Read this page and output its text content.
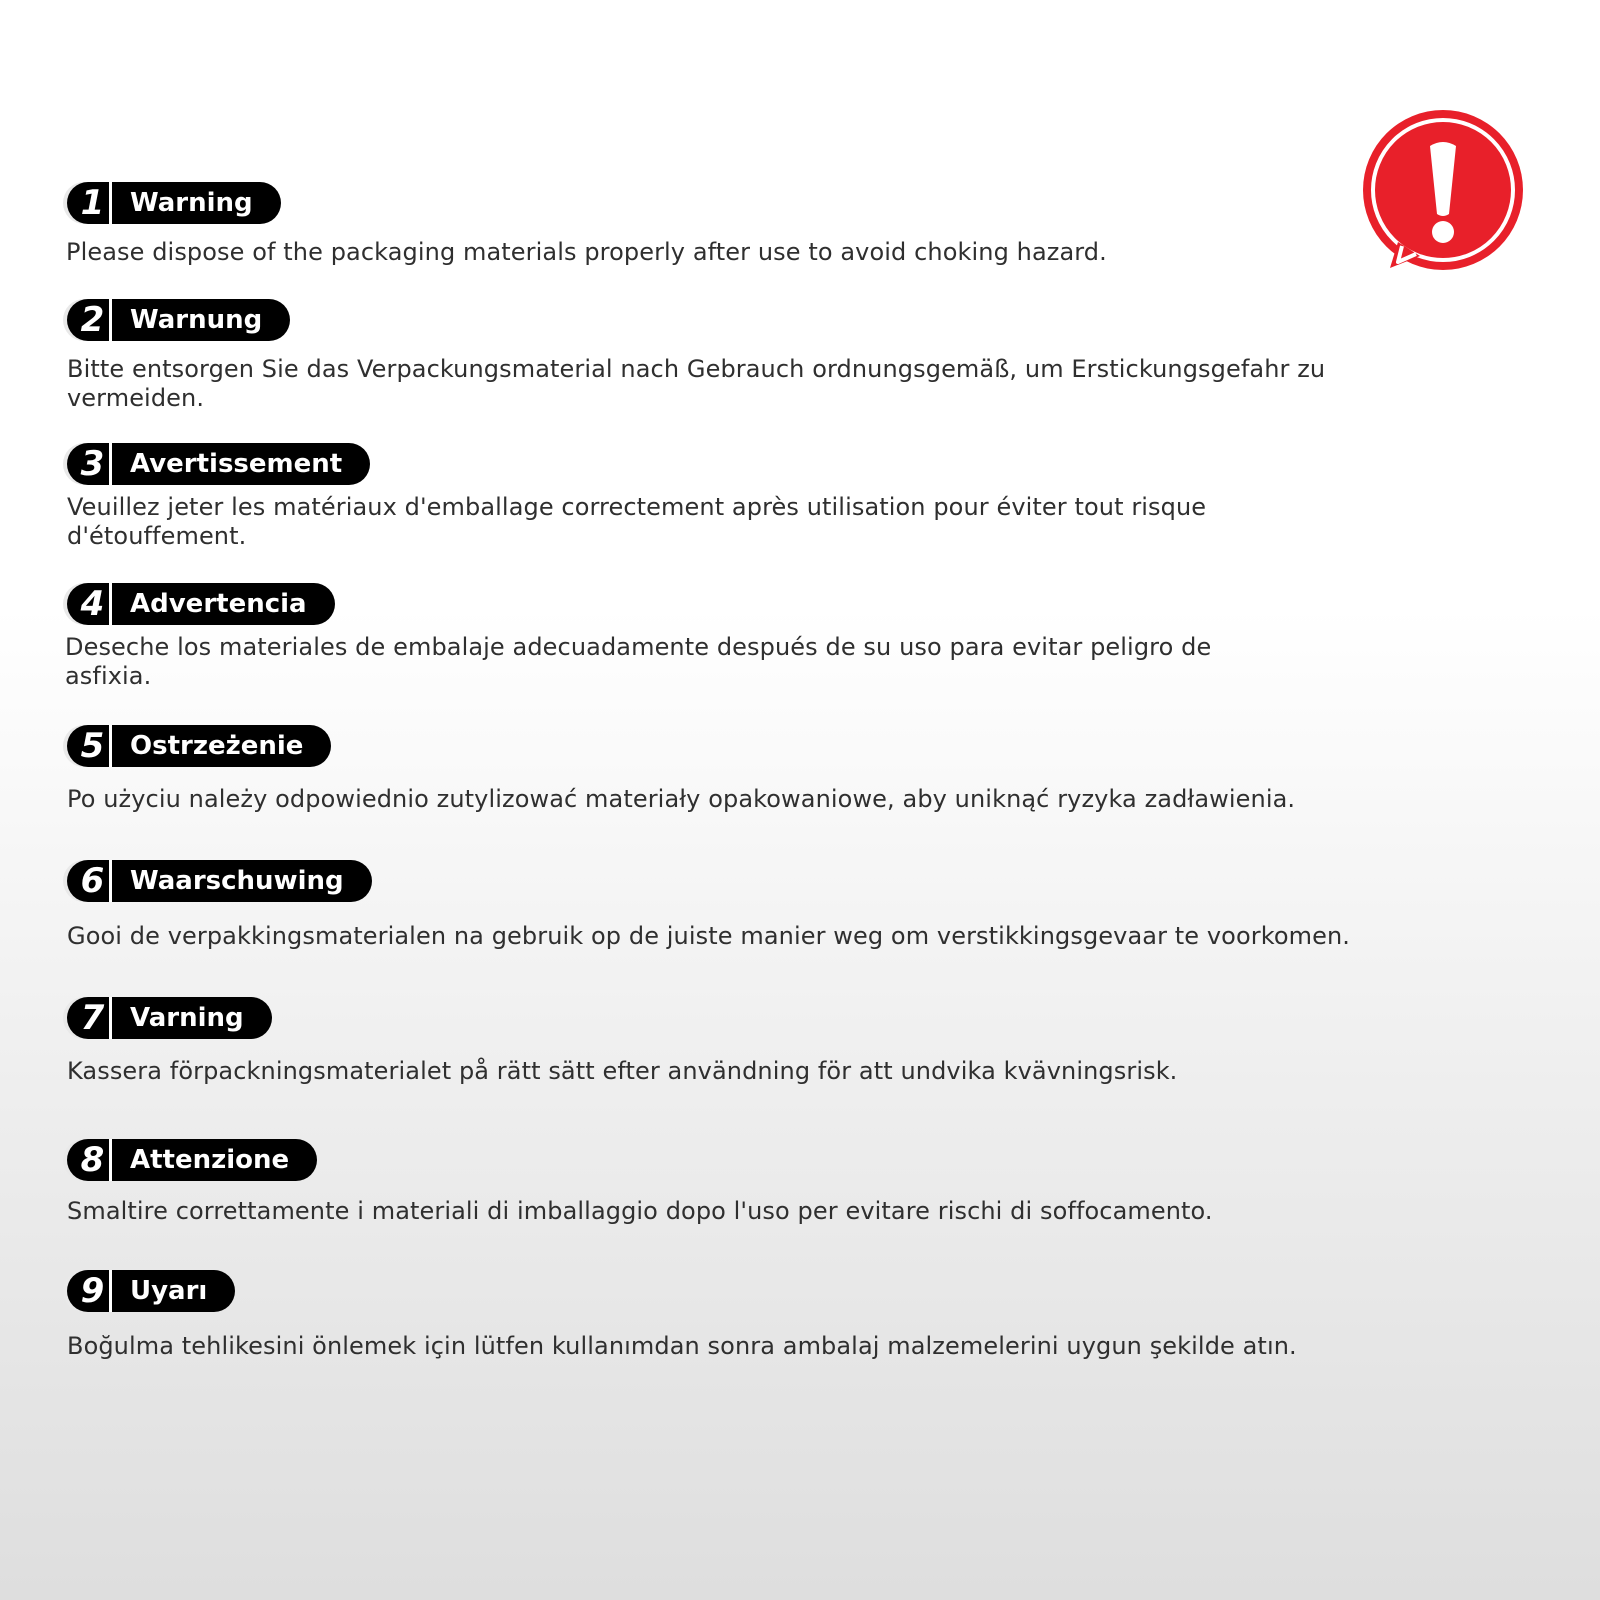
1 Warning

Please dispose of the packaging materials properly after use to avoid choking hazard.

2 Warnung

Bitte entsorgen Sie das Verpackungsmaterial nach Gebrauch ordnungsgemäß, um Erstickungsgefahr zu vermeiden.

3 Avertissement

Veuillez jeter les matériaux d'emballage correctement après utilisation pour éviter tout risque d'étouffement.

4 Advertencia

Deseche los materiales de embalaje adecuadamente después de su uso para evitar peligro de asfixia.

5 Ostrzeżenie

Po użyciu należy odpowiednio zutylizować materiały opakowaniowe, aby uniknąć ryzyka zadławienia.

6 Waarschuwing

Gooi de verpakkingsmaterialen na gebruik op de juiste manier weg om verstikkingsgevaar te voorkomen.

7 Varning

Kassera förpackningsmaterialet på rätt sätt efter användning för att undvika kvävningsrisk.

8 Attenzione

Smaltire correttamente i materiali di imballaggio dopo l'uso per evitare rischi di soffocamento.

9 Uyarı

Boğulma tehlikesini önlemek için lütfen kullanımdan sonra ambalaj malzemelerini uygun şekilde atın.
